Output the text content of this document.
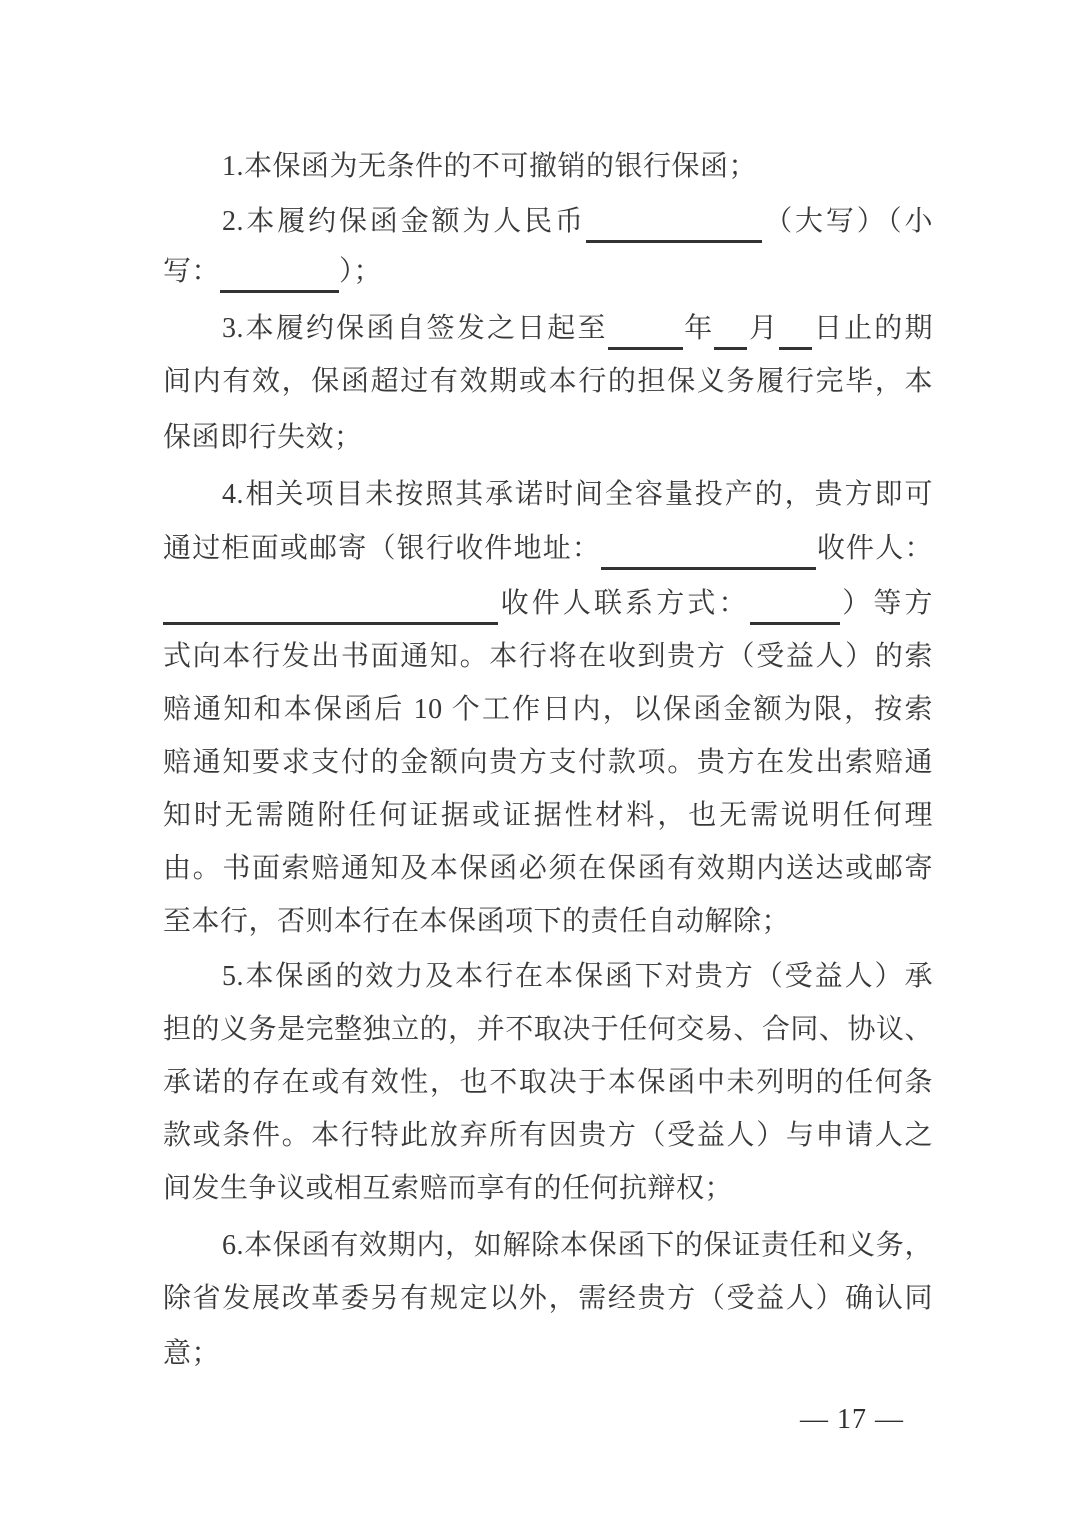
1.本保函为无条件的不可撤销的银行保函；
2.本履约保函金额为人民币	（大写）（小
写：	）；
3.本履约保函自签发之日起至	年 月 日止的期
间内有效，保函超过有效期或本行的担保义务履行完毕，本
保函即行失效；
4.相关项目未按照其承诺时间全容量投产的，贵方即可
通过柜面或邮寄（银行收件地址：	收件人：
收件人联系方式：	）等方
式向本行发出书面通知。本行将在收到贵方（受益人）的索
赔通知和本保函后 10 个工作日内，以保函金额为限，按索
赔通知要求支付的金额向贵方支付款项。贵方在发出索赔通
知时无需随附任何证据或证据性材料，也无需说明任何理
由。书面索赔通知及本保函必须在保函有效期内送达或邮寄
至本行，否则本行在本保函项下的责任自动解除；
5.本保函的效力及本行在本保函下对贵方（受益人）承
担的义务是完整独立的，并不取决于任何交易、合同、协议、
承诺的存在或有效性，也不取决于本保函中未列明的任何条
款或条件。本行特此放弃所有因贵方（受益人）与申请人之
间发生争议或相互索赔而享有的任何抗辩权；
6.本保函有效期内，如解除本保函下的保证责任和义务，
除省发展改革委另有规定以外，需经贵方（受益人）确认同
意；
— 17 —
